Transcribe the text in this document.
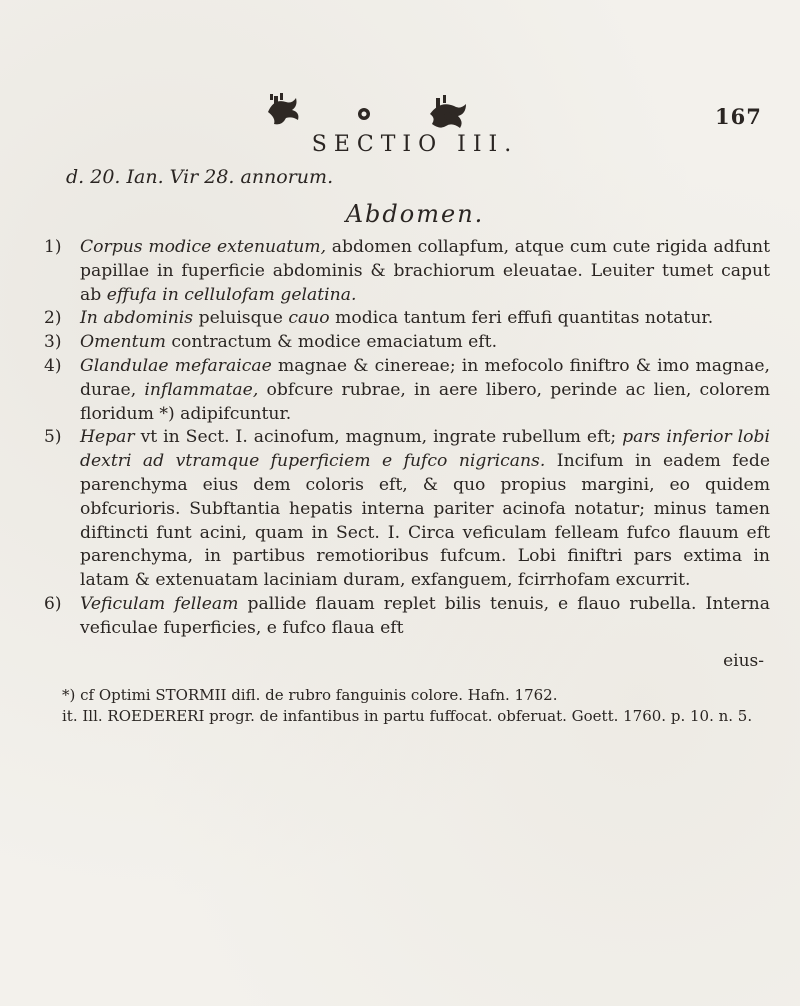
167
SECTIO III.
d. 20. Ian. Vir 28. annorum.
Abdomen.

1) Corpus modice extenuatum, abdomen collapfum, atque cum cute rigida adfunt papillae in fuperficie abdominis & brachiorum eleuatae. Leuiter tumet caput ab effufa in cellulofam gelatina.

2) In abdominis peluisque cauo modica tantum feri effufi quantitas notatur.

3) Omentum contractum & modice emaciatum eft.

4) Glandulae mefaraicae magnae & cinereae; in mefocolo finiftro & imo magnae, durae, inflammatae, obfcure rubrae, in aere libero, perinde ac lien, colorem floridum *) adipifcuntur.

5) Hepar vt in Sect. I. acinofum, magnum, ingrate rubellum eft; pars inferior lobi dextri ad vtramque fuperficiem e fufco nigricans. Incifum in eadem fede parenchyma eius dem coloris eft, & quo propius margini, eo quidem obfcurioris. Subftantia hepatis interna pariter acinofa notatur; minus tamen diftincti funt acini, quam in Sect. I. Circa veficulam felleam fufco flauum eft parenchyma, in partibus remotioribus fufcum. Lobi finiftri pars extima in latam & extenuatam laciniam duram, exfanguem, fcirrhofam excurrit.

6) Veficulam felleam pallide flauam replet bilis tenuis, e flauo rubella. Interna veficulae fuperficies, e fufco flaua eft

eius-
*) cf Optimi STORMII difl. de rubro fanguinis colore. Hafn. 1762.
it. Ill. ROEDERERI progr. de infantibus in partu fuffocat. obferuat. Goett. 1760. p. 10. n. 5.
